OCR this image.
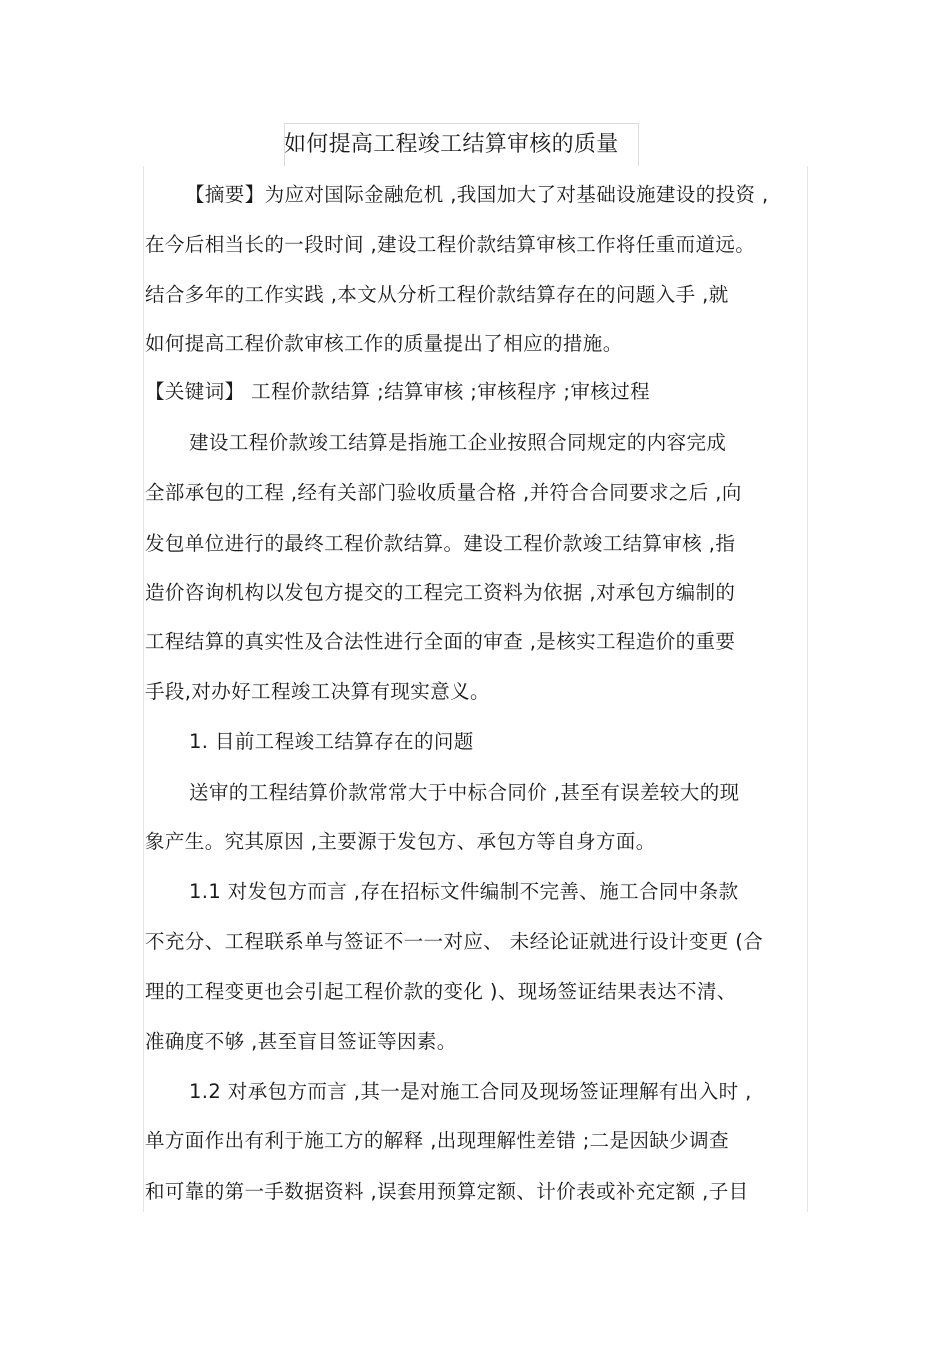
如何提高工程竣工结算审核的质量
【摘要】为应对国际金融危机 ,我国加大了对基础设施建设的投资 ,
在今后相当长的一段时间 ,建设工程价款结算审核工作将任重而道远。
结合多年的工作实践 ,本文从分析工程价款结算存在的问题入手 ,就
如何提高工程价款审核工作的质量提出了相应的措施。
【关键词】 工程价款结算 ;结算审核 ;审核程序 ;审核过程
建设工程价款竣工结算是指施工企业按照合同规定的内容完成
全部承包的工程 ,经有关部门验收质量合格 ,并符合合同要求之后 ,向
发包单位进行的最终工程价款结算。建设工程价款竣工结算审核 ,指
造价咨询机构以发包方提交的工程完工资料为依据 ,对承包方编制的
工程结算的真实性及合法性进行全面的审查 ,是核实工程造价的重要
手段,对办好工程竣工决算有现实意义。
1. 目前工程竣工结算存在的问题
送审的工程结算价款常常大于中标合同价 ,甚至有误差较大的现
象产生。究其原因 ,主要源于发包方、承包方等自身方面。
1.1 对发包方而言 ,存在招标文件编制不完善、施工合同中条款
不充分、工程联系单与签证不一一对应、 未经论证就进行设计变更 (合
理的工程变更也会引起工程价款的变化 )、现场签证结果表达不清、
准确度不够 ,甚至盲目签证等因素。
1.2 对承包方而言 ,其一是对施工合同及现场签证理解有出入时 ,
单方面作出有利于施工方的解释 ,出现理解性差错 ;二是因缺少调查
和可靠的第一手数据资料 ,误套用预算定额、计价表或补充定额 ,子目
